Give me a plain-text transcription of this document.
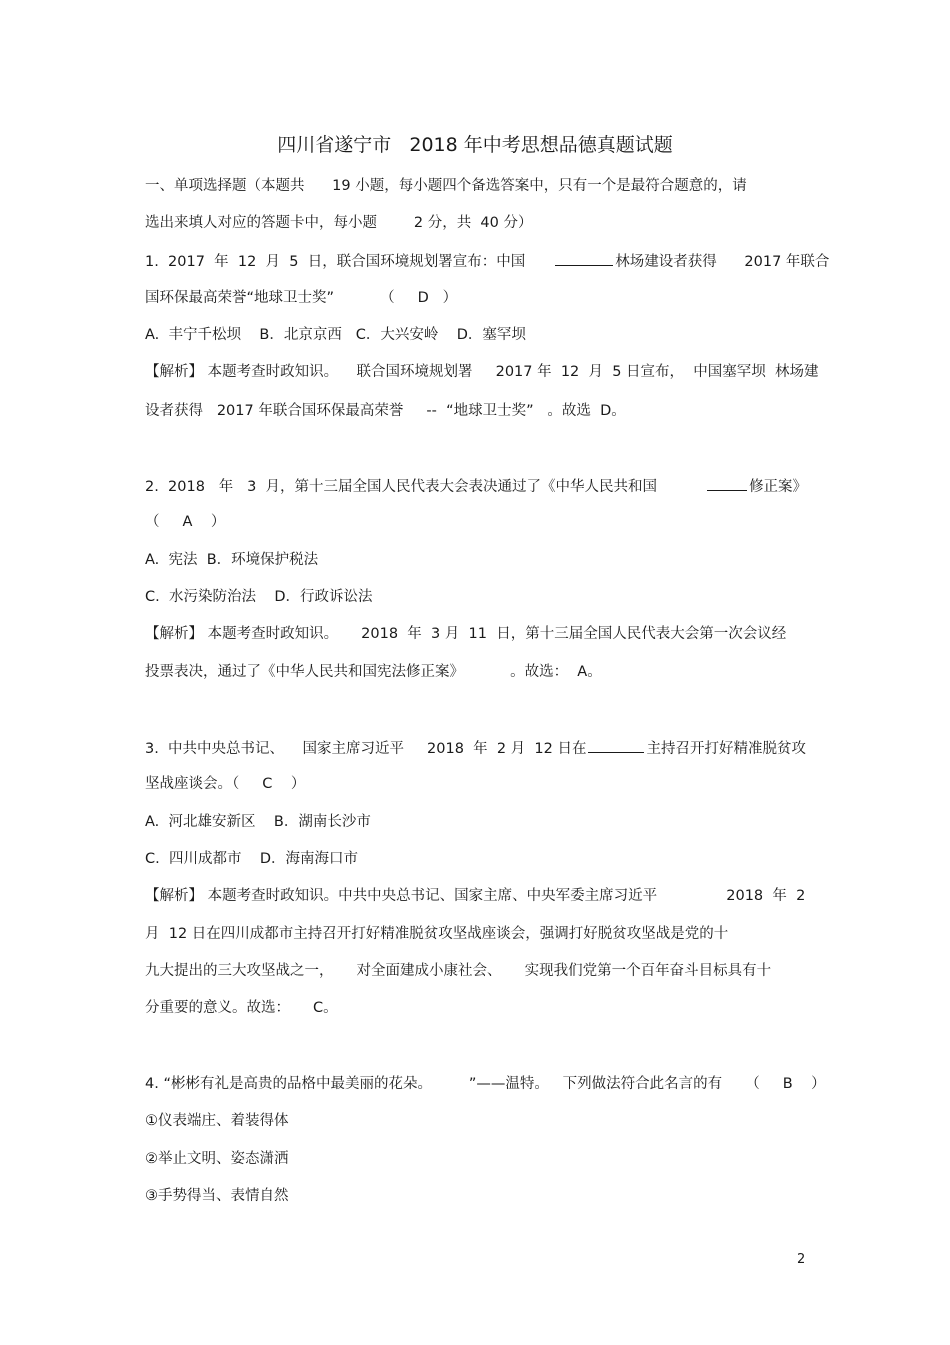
四川省遂宁市   2018 年中考思想品德真题试题
一、单项选择题（本题共      19 小题，每小题四个备选答案中，只有一个是最符合题意的，请
选出来填人对应的答题卡中，每小题        2 分，共  40 分）
1.  2017  年  12  月  5  日，联合国环境规划署宣布：中国	林场建设者获得      2017 年联合
国环保最高荣誉“地球卫士奖”          （     D   ）
A.  丰宁千松坝    B．北京京西   C．大兴安岭    D．塞罕坝
【解析】 本题考查时政知识。    联合国环境规划署     2017 年  12  月  5 日宣布，  中国塞罕坝  林场建
设者获得   2017 年联合国环保最高荣誉     --  “地球卫士奖”   。故选  D。
2.  2018   年   3  月，第十三届全国人民代表大会表决通过了《中华人民共和国	修正案》
（     A    ）
A.  宪法  B．环境保护税法
C.  水污染防治法    D．行政诉讼法
【解析】 本题考查时政知识。     2018  年  3 月  11  日，第十三届全国人民代表大会第一次会议经
投票表决，通过了《中华人民共和国宪法修正案》          。故选：  A。
3.  中共中央总书记、    国家主席习近平     2018  年  2 月  12 日在	主持召开打好精准脱贫攻
坚战座谈会。（     C    ）
A.  河北雄安新区    B．湖南长沙市
C.  四川成都市    D．海南海口市
【解析】 本题考查时政知识。中共中央总书记、国家主席、中央军委主席习近平               2018  年  2
月  12 日在四川成都市主持召开打好精准脱贫攻坚战座谈会，强调打好脱贫攻坚战是党的十
九大提出的三大攻坚战之一，     对全面建成小康社会、     实现我们党第一个百年奋斗目标具有十
分重要的意义。故选：     C。
4. “彬彬有礼是高贵的品格中最美丽的花朵。        ”——温特。   下列做法符合此名言的有     （     B    ）
①仪表端庄、着装得体
②举止文明、姿态潇洒
③手势得当、表情自然
2
